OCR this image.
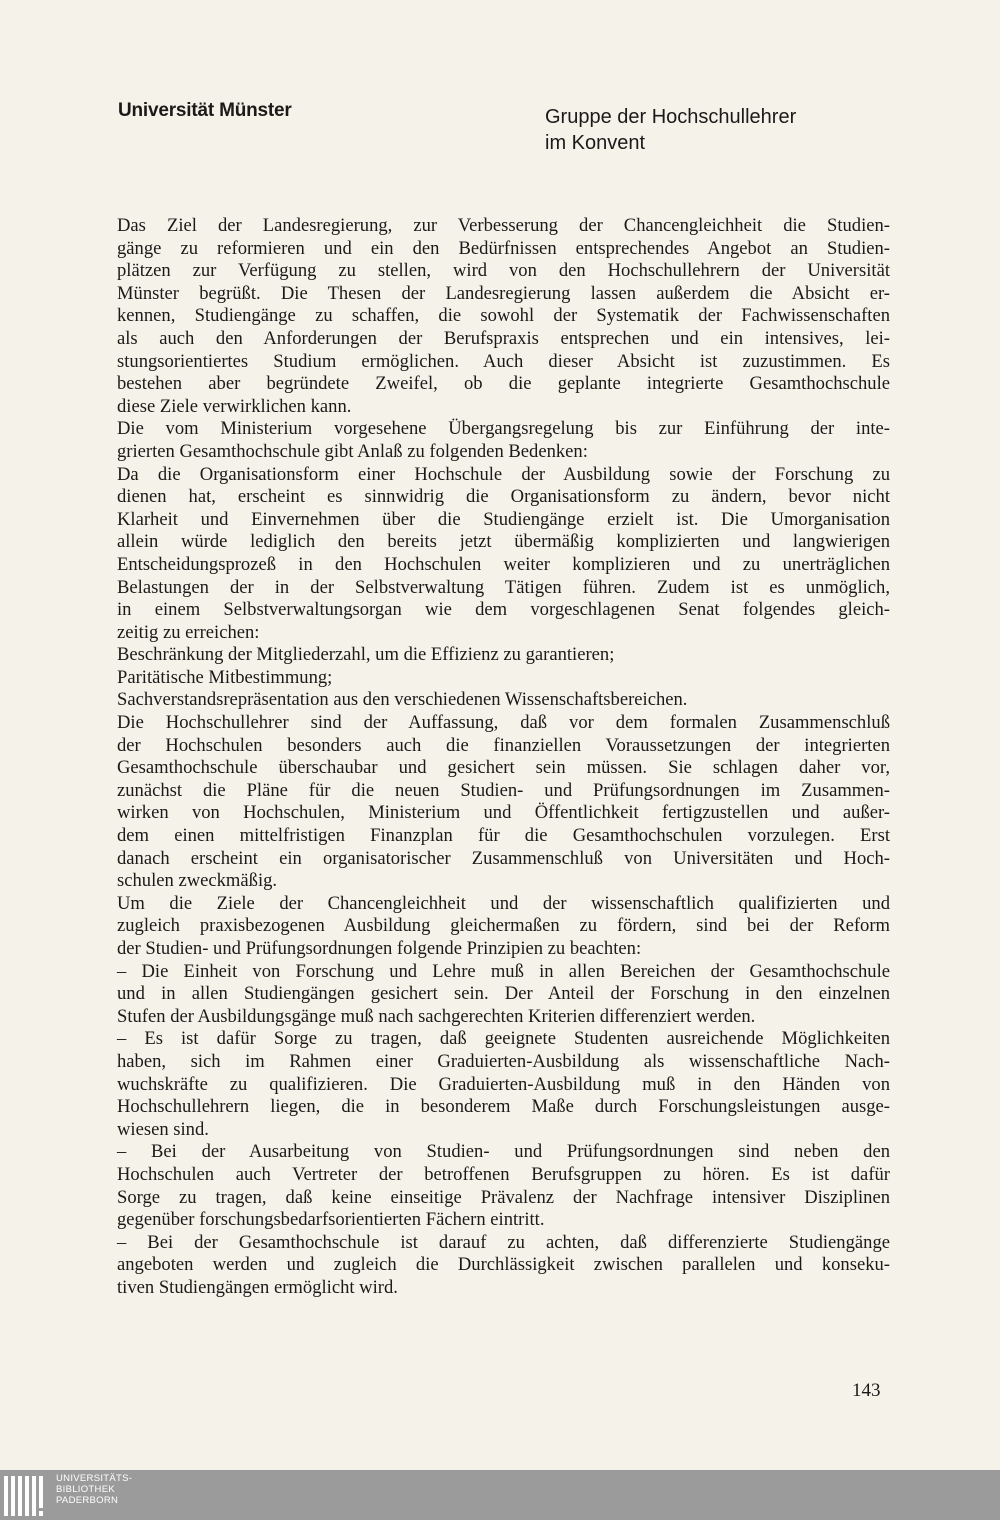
Universität Münster	Gruppe der Hochschullehrer
im Konvent
Das Ziel der Landesregierung, zur Verbesserung der Chancengleichheit die Studien-
gänge zu reformieren und ein den Bedürfnissen entsprechendes Angebot an Studien-
plätzen zur Verfügung zu stellen, wird von den Hochschullehrern der Universität
Münster begrüßt. Die Thesen der Landesregierung lassen außerdem die Absicht er-
kennen, Studiengänge zu schaffen, die sowohl der Systematik der Fachwissenschaften
als auch den Anforderungen der Berufspraxis entsprechen und ein intensives, lei-
stungsorientiertes Studium ermöglichen. Auch dieser Absicht ist zuzustimmen. Es
bestehen aber begründete Zweifel, ob die geplante integrierte Gesamthochschule
diese Ziele verwirklichen kann.
Die vom Ministerium vorgesehene Übergangsregelung bis zur Einführung der inte-
grierten Gesamthochschule gibt Anlaß zu folgenden Bedenken:
Da die Organisationsform einer Hochschule der Ausbildung sowie der Forschung zu
dienen hat, erscheint es sinnwidrig die Organisationsform zu ändern, bevor nicht
Klarheit und Einvernehmen über die Studiengänge erzielt ist. Die Umorganisation
allein würde lediglich den bereits jetzt übermäßig komplizierten und langwierigen
Entscheidungsprozeß in den Hochschulen weiter komplizieren und zu unerträglichen
Belastungen der in der Selbstverwaltung Tätigen führen. Zudem ist es unmöglich,
in einem Selbstverwaltungsorgan wie dem vorgeschlagenen Senat folgendes gleich-
zeitig zu erreichen:
Beschränkung der Mitgliederzahl, um die Effizienz zu garantieren;
Paritätische Mitbestimmung;
Sachverstandsrepräsentation aus den verschiedenen Wissenschaftsbereichen.
Die Hochschullehrer sind der Auffassung, daß vor dem formalen Zusammenschluß
der Hochschulen besonders auch die finanziellen Voraussetzungen der integrierten
Gesamthochschule überschaubar und gesichert sein müssen. Sie schlagen daher vor,
zunächst die Pläne für die neuen Studien- und Prüfungsordnungen im Zusammen-
wirken von Hochschulen, Ministerium und Öffentlichkeit fertigzustellen und außer-
dem einen mittelfristigen Finanzplan für die Gesamthochschulen vorzulegen. Erst
danach erscheint ein organisatorischer Zusammenschluß von Universitäten und Hoch-
schulen zweckmäßig.
Um die Ziele der Chancengleichheit und der wissenschaftlich qualifizierten und
zugleich praxisbezogenen Ausbildung gleichermaßen zu fördern, sind bei der Reform
der Studien- und Prüfungsordnungen folgende Prinzipien zu beachten:
– Die Einheit von Forschung und Lehre muß in allen Bereichen der Gesamthochschule
und in allen Studiengängen gesichert sein. Der Anteil der Forschung in den einzelnen
Stufen der Ausbildungsgänge muß nach sachgerechten Kriterien differenziert werden.
– Es ist dafür Sorge zu tragen, daß geeignete Studenten ausreichende Möglichkeiten
haben, sich im Rahmen einer Graduierten-Ausbildung als wissenschaftliche Nach-
wuchskräfte zu qualifizieren. Die Graduierten-Ausbildung muß in den Händen von
Hochschullehrern liegen, die in besonderem Maße durch Forschungsleistungen ausge-
wiesen sind.
– Bei der Ausarbeitung von Studien- und Prüfungsordnungen sind neben den
Hochschulen auch Vertreter der betroffenen Berufsgruppen zu hören. Es ist dafür
Sorge zu tragen, daß keine einseitige Prävalenz der Nachfrage intensiver Disziplinen
gegenüber forschungsbedarfsorientierten Fächern eintritt.
– Bei der Gesamthochschule ist darauf zu achten, daß differenzierte Studiengänge
angeboten werden und zugleich die Durchlässigkeit zwischen parallelen und konseku-
tiven Studiengängen ermöglicht wird.
143
UNIVERSITÄTS-
BIBLIOTHEK
PADERBORN
